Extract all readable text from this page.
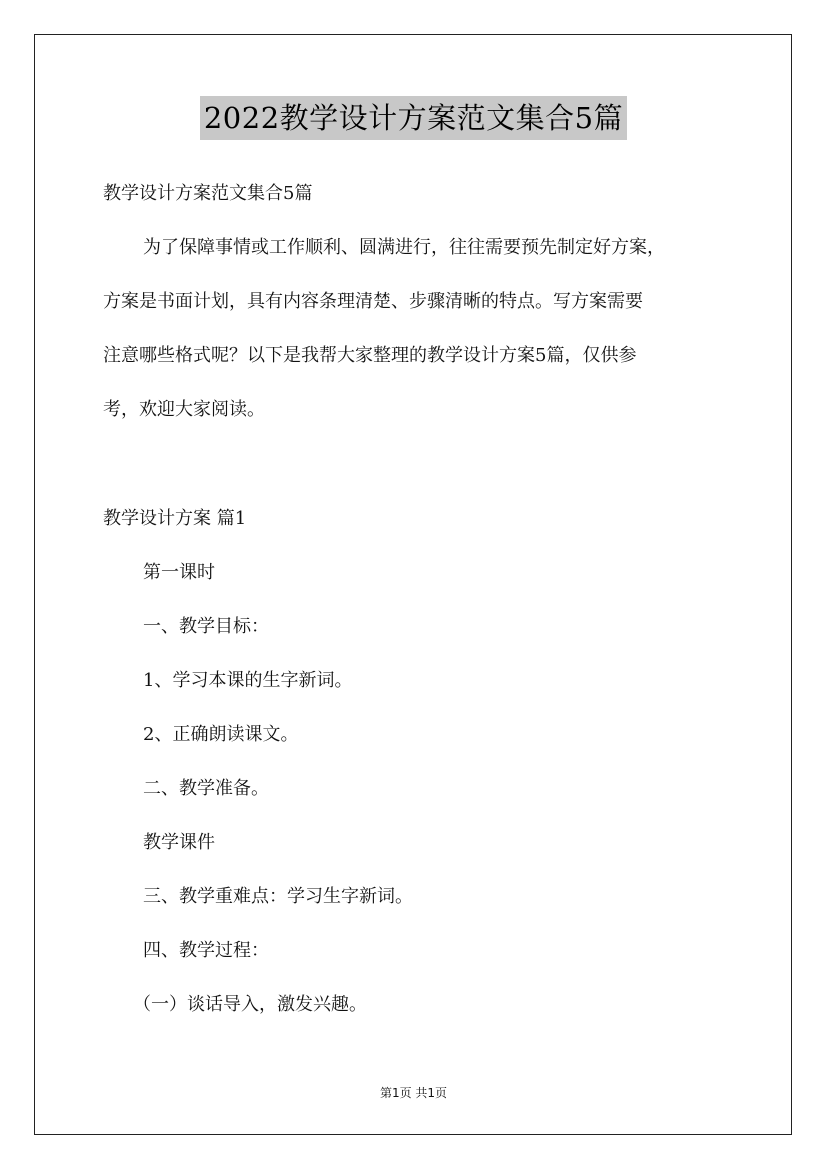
2022教学设计方案范文集合5篇
教学设计方案范文集合5篇
为了保障事情或工作顺利、圆满进行，往往需要预先制定好方案，
方案是书面计划，具有内容条理清楚、步骤清晰的特点。写方案需要
注意哪些格式呢？以下是我帮大家整理的教学设计方案5篇，仅供参
考，欢迎大家阅读。
教学设计方案 篇1
第一课时
一、教学目标：
1、学习本课的生字新词。
2、正确朗读课文。
二、教学准备。
教学课件
三、教学重难点：学习生字新词。
四、教学过程：
（一）谈话导入，激发兴趣。
第1页 共1页
